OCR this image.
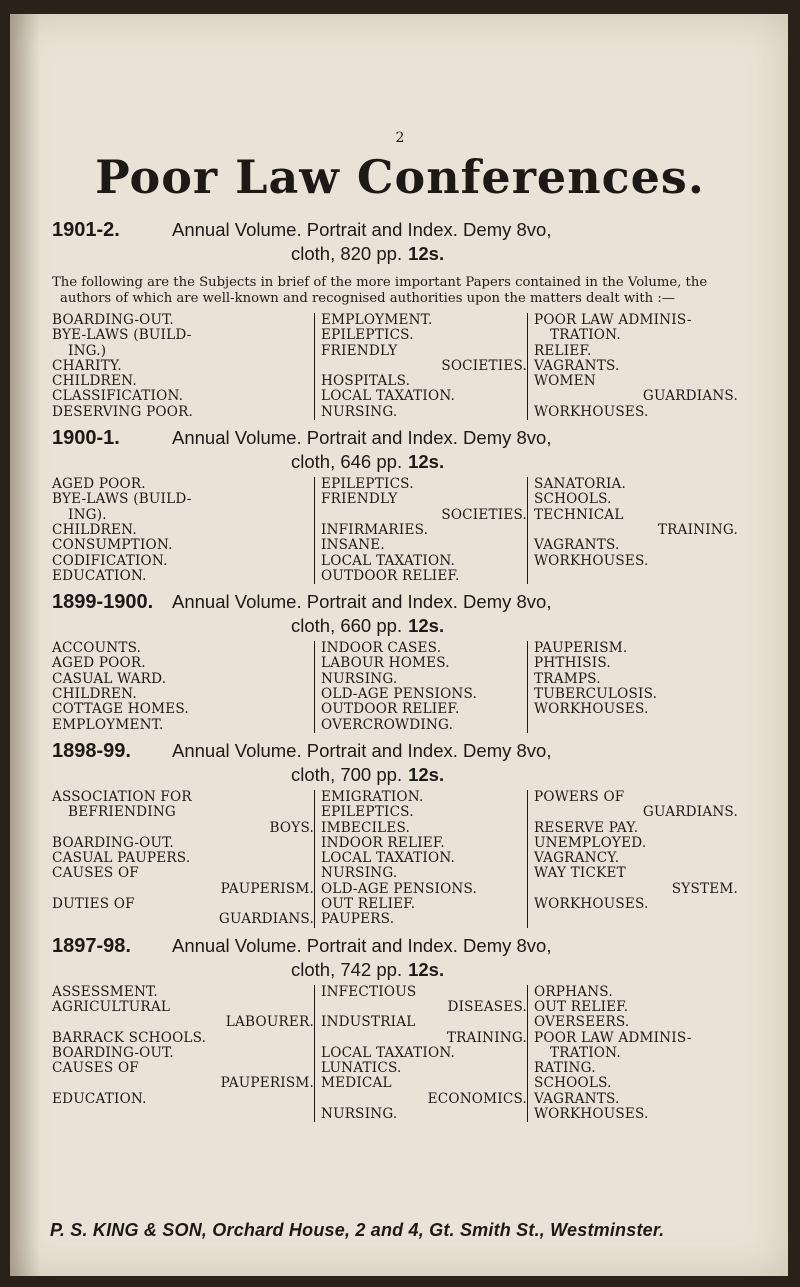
2
Poor Law Conferences.
1901-2.	Annual Volume. Portrait and Index. Demy 8vo,
cloth, 820 pp. 12s.
The following are the Subjects in brief of the more important Papers contained in the Volume, the authors of which are well-known and recognised authorities upon the matters dealt with :—
BOARDING-OUT.
BYE-LAWS (BUILD-
ING.)
CHARITY.
CHILDREN.
CLASSIFICATION.
DESERVING POOR.
EMPLOYMENT.
EPILEPTICS.
FRIENDLY
SOCIETIES.
HOSPITALS.
LOCAL TAXATION.
NURSING.
POOR LAW ADMINIS-
TRATION.
RELIEF.
VAGRANTS.
WOMEN
GUARDIANS.
WORKHOUSES.
1900-1.	Annual Volume. Portrait and Index. Demy 8vo,
cloth, 646 pp. 12s.
AGED POOR.
BYE-LAWS (BUILD-
ING).
CHILDREN.
CONSUMPTION.
CODIFICATION.
EDUCATION.
EPILEPTICS.
FRIENDLY
SOCIETIES.
INFIRMARIES.
INSANE.
LOCAL TAXATION.
OUTDOOR RELIEF.
SANATORIA.
SCHOOLS.
TECHNICAL
TRAINING.
VAGRANTS.
WORKHOUSES.
1899-1900. Annual Volume. Portrait and Index. Demy 8vo,
cloth, 660 pp. 12s.
ACCOUNTS.
AGED POOR.
CASUAL WARD.
CHILDREN.
COTTAGE HOMES.
EMPLOYMENT.
INDOOR CASES.
LABOUR HOMES.
NURSING.
OLD-AGE PENSIONS.
OUTDOOR RELIEF.
OVERCROWDING.
PAUPERISM.
PHTHISIS.
TRAMPS.
TUBERCULOSIS.
WORKHOUSES.
1898-99. Annual Volume. Portrait and Index. Demy 8vo,
cloth, 700 pp. 12s.
ASSOCIATION FOR
BEFRIENDING
BOYS.
BOARDING-OUT.
CASUAL PAUPERS.
CAUSES OF
PAUPERISM.
DUTIES OF
GUARDIANS.
EMIGRATION.
EPILEPTICS.
IMBECILES.
INDOOR RELIEF.
LOCAL TAXATION.
NURSING.
OLD-AGE PENSIONS.
OUT RELIEF.
PAUPERS.
POWERS OF
GUARDIANS.
RESERVE PAY.
UNEMPLOYED.
VAGRANCY.
WAY TICKET
SYSTEM.
WORKHOUSES.
1897-98. Annual Volume. Portrait and Index. Demy 8vo,
cloth, 742 pp. 12s.
ASSESSMENT.
AGRICULTURAL
LABOURER.
BARRACK SCHOOLS.
BOARDING-OUT.
CAUSES OF
PAUPERISM.
EDUCATION.
INFECTIOUS
DISEASES.
INDUSTRIAL
TRAINING.
LOCAL TAXATION.
LUNATICS.
MEDICAL
ECONOMICS.
NURSING.
ORPHANS.
OUT RELIEF.
OVERSEERS.
POOR LAW ADMINIS-
TRATION.
RATING.
SCHOOLS.
VAGRANTS.
WORKHOUSES.
P. S. KING & SON, Orchard House, 2 and 4, Gt. Smith St., Westminster.
